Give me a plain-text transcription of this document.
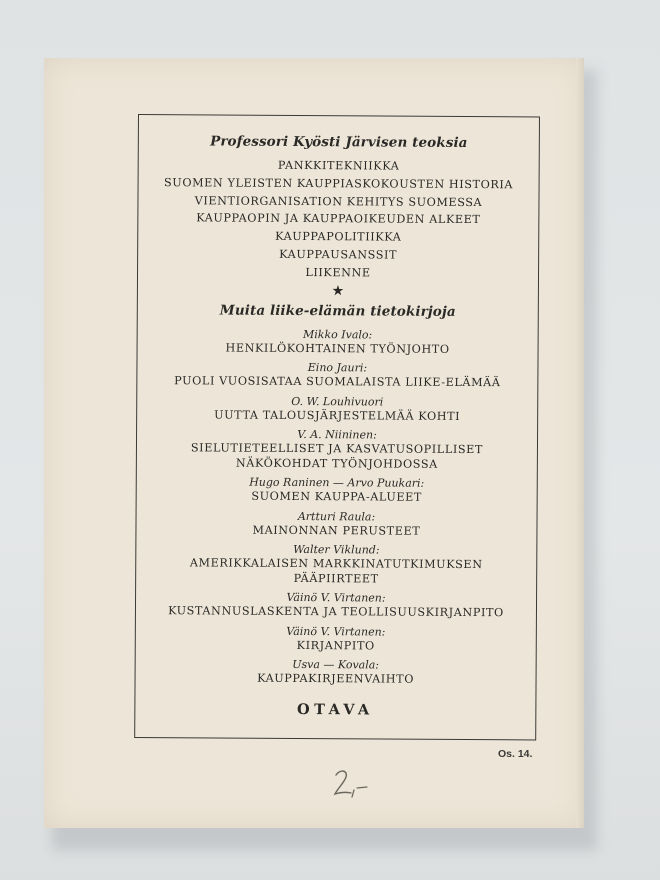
Professori Kyösti Järvisen teoksia
PANKKITEKNIIKKA
SUOMEN YLEISTEN KAUPPIASKOKOUSTEN HISTORIA
VIENTIORGANISATION KEHITYS SUOMESSA
KAUPPAOPIN JA KAUPPAOIKEUDEN ALKEET
KAUPPAPOLITIIKKA
KAUPPAUSANSSIT
LIIKENNE
★
Muita liike-elämän tietokirjoja
Mikko Ivalo:
HENKILÖKOHTAINEN TYÖNJOHTO
Eino Jauri:
PUOLI VUOSISATAA SUOMALAISTA LIIKE-ELÄMÄÄ
O. W. Louhivuori
UUTTA TALOUSJÄRJESTELMÄÄ KOHTI
V. A. Niininen:
SIELUTIETEELLISET JA KASVATUSOPILLISET
NÄKÖKOHDAT TYÖNJOHDOSSA
Hugo Raninen — Arvo Puukari:
SUOMEN KAUPPA-ALUEET
Artturi Raula:
MAINONNAN PERUSTEET
Walter Viklund:
AMERIKKALAISEN MARKKINATUTKIMUKSEN
PÄÄPIIRTEET
Väinö V. Virtanen:
KUSTANNUSLASKENTA JA TEOLLISUUSKIRJANPITO
Väinö V. Virtanen:
KIRJANPITO
Usva — Kovala:
KAUPPAKIRJEENVAIHTO
OTAVA
Os. 14.
